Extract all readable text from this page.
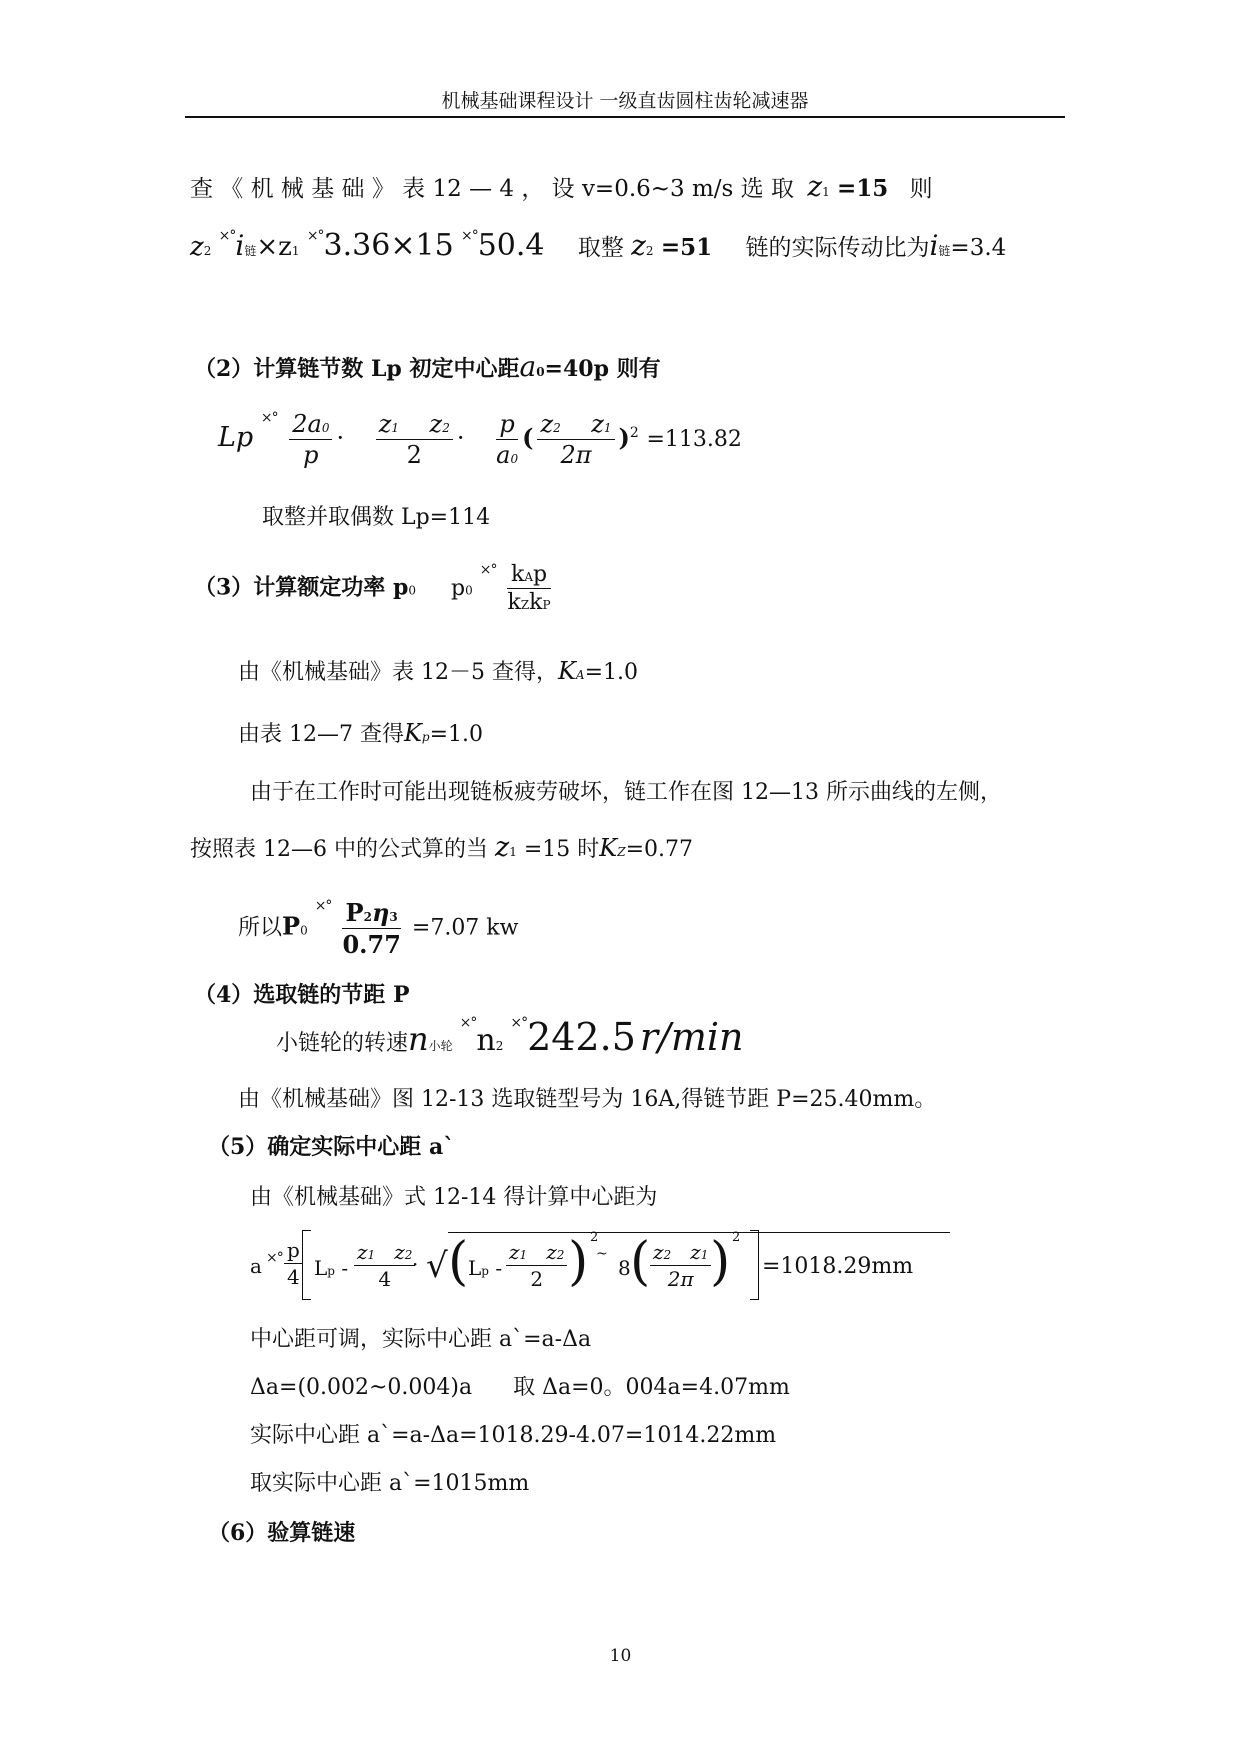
机械基础课程设计 一级直齿圆柱齿轮减速器
查 《 机 械 基 础 》 表 12 — 4 ， 设 v=0.6~3 m/s 选 取 z1 =15 则
z2 ×°i链×z1 ×°3.36×15 ×°50.4 取整 z2 =51 链的实际传动比为i链=3.4
（2）计算链节数 Lp 初定中心距a0=40p 则有
Lp $^{\times^\circ} \frac{2a0}{p} \cdot \frac{z1 z2}{2} \cdot \frac{p}{a0}$ ( $\frac{z2 z1}{2\pi} )^2 =113.82$
取整并取偶数 Lp=114
（3）计算额定功率 p0 p0 $^{\times^\circ} \frac{\text{kAp}}{\text{kZkP}}$
由《机械基础》表 12－5 查得，KA=1.0
由表 12—7 查得Kp=1.0
由于在工作时可能出现链板疲劳破坏，链工作在图 12—13 所示曲线的左侧，
按照表 12—6 中的公式算的当 z1 =15 时KZ=0.77
所以P0 $^{\times^\circ} \frac{P2\eta 3}{0.77} =7.07$ kw
（4）选取链的节距 P
小链轮的转速n小轮 ×°n2 ×°242.5 r/min
由《机械基础》图 12-13 选取链型号为 16A,得链节距 P=25.40mm。
（5）确定实际中心距 a`
由《机械基础》式 12-14 得计算中心距为
a ×° $\frac{p}{4}$ Lp - $\frac{z1 z2}{4}$
· √ ( Lp - $\frac{z1 z2}{2}$ ) 2
~
8 ( $\frac{z2 z1}{2\pi}$
) 2
=1018.29mm
中心距可调，实际中心距 a`=a-Δa
Δa=(0.002~0.004)a 取 Δa=0。004a=4.07mm
实际中心距 a`=a-Δa=1018.29-4.07=1014.22mm
取实际中心距 a`=1015mm
（6）验算链速
10
